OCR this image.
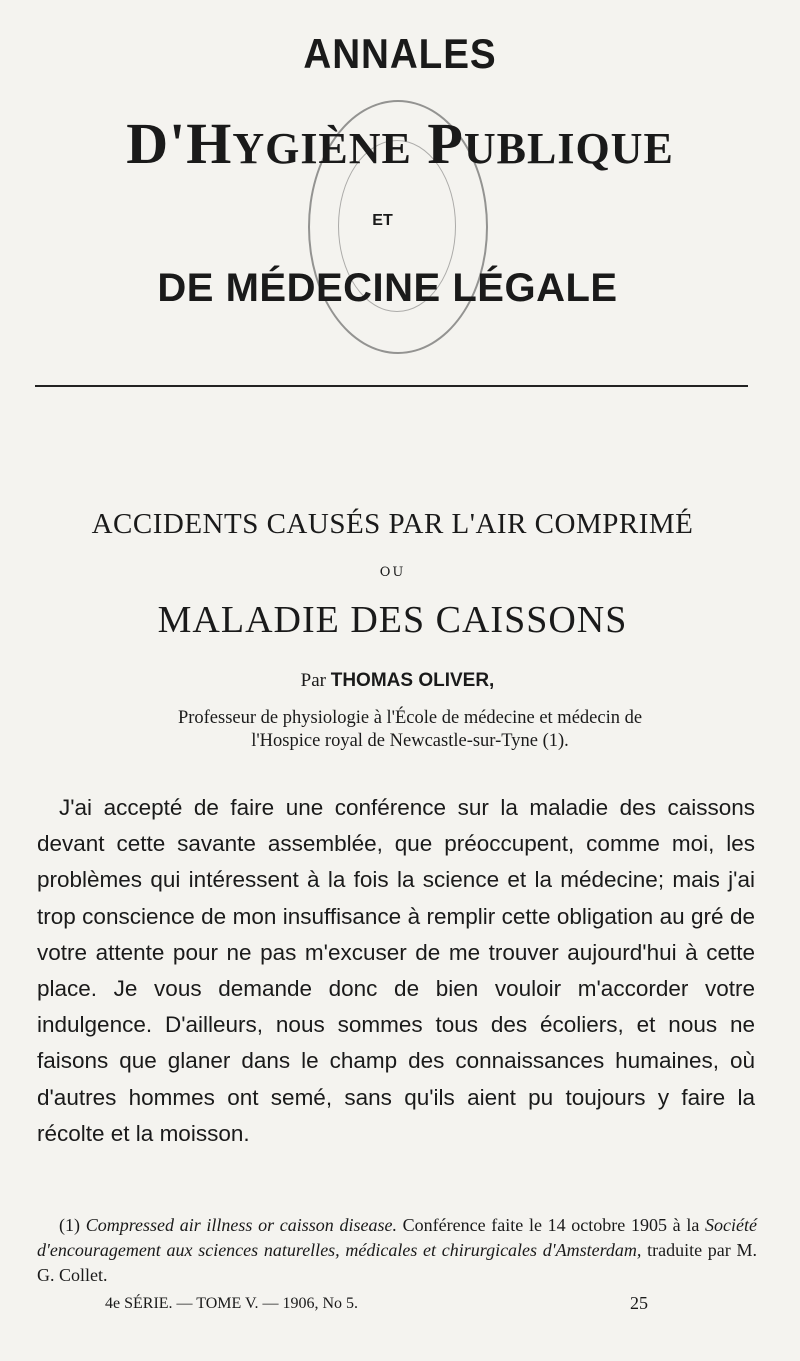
ANNALES
D'HYGIÈNE PUBLIQUE
ET
DE MÉDECINE LÉGALE
ACCIDENTS CAUSÉS PAR L'AIR COMPRIMÉ
OU
MALADIE DES CAISSONS
Par THOMAS OLIVER,
Professeur de physiologie à l'École de médecine et médecin de
l'Hospice royal de Newcastle-sur-Tyne (1).

J'ai accepté de faire une conférence sur la maladie des caissons devant cette savante assemblée, que préoccupent, comme moi, les problèmes qui intéressent à la fois la science et la médecine; mais j'ai trop conscience de mon insuffisance à remplir cette obligation au gré de votre attente pour ne pas m'excuser de me trouver aujourd'hui à cette place. Je vous demande donc de bien vouloir m'accorder votre indulgence. D'ailleurs, nous sommes tous des écoliers, et nous ne faisons que glaner dans le champ des connaissances humaines, où d'autres hommes ont semé, sans qu'ils aient pu toujours y faire la récolte et la moisson.

(1) Compressed air illness or caisson disease. Conférence faite le 14 octobre 1905 à la Société d'encouragement aux sciences naturelles, médicales et chirurgicales d'Amsterdam, traduite par M. G. Collet.
4e SÉRIE. — TOME V. — 1906, No 5.	25
